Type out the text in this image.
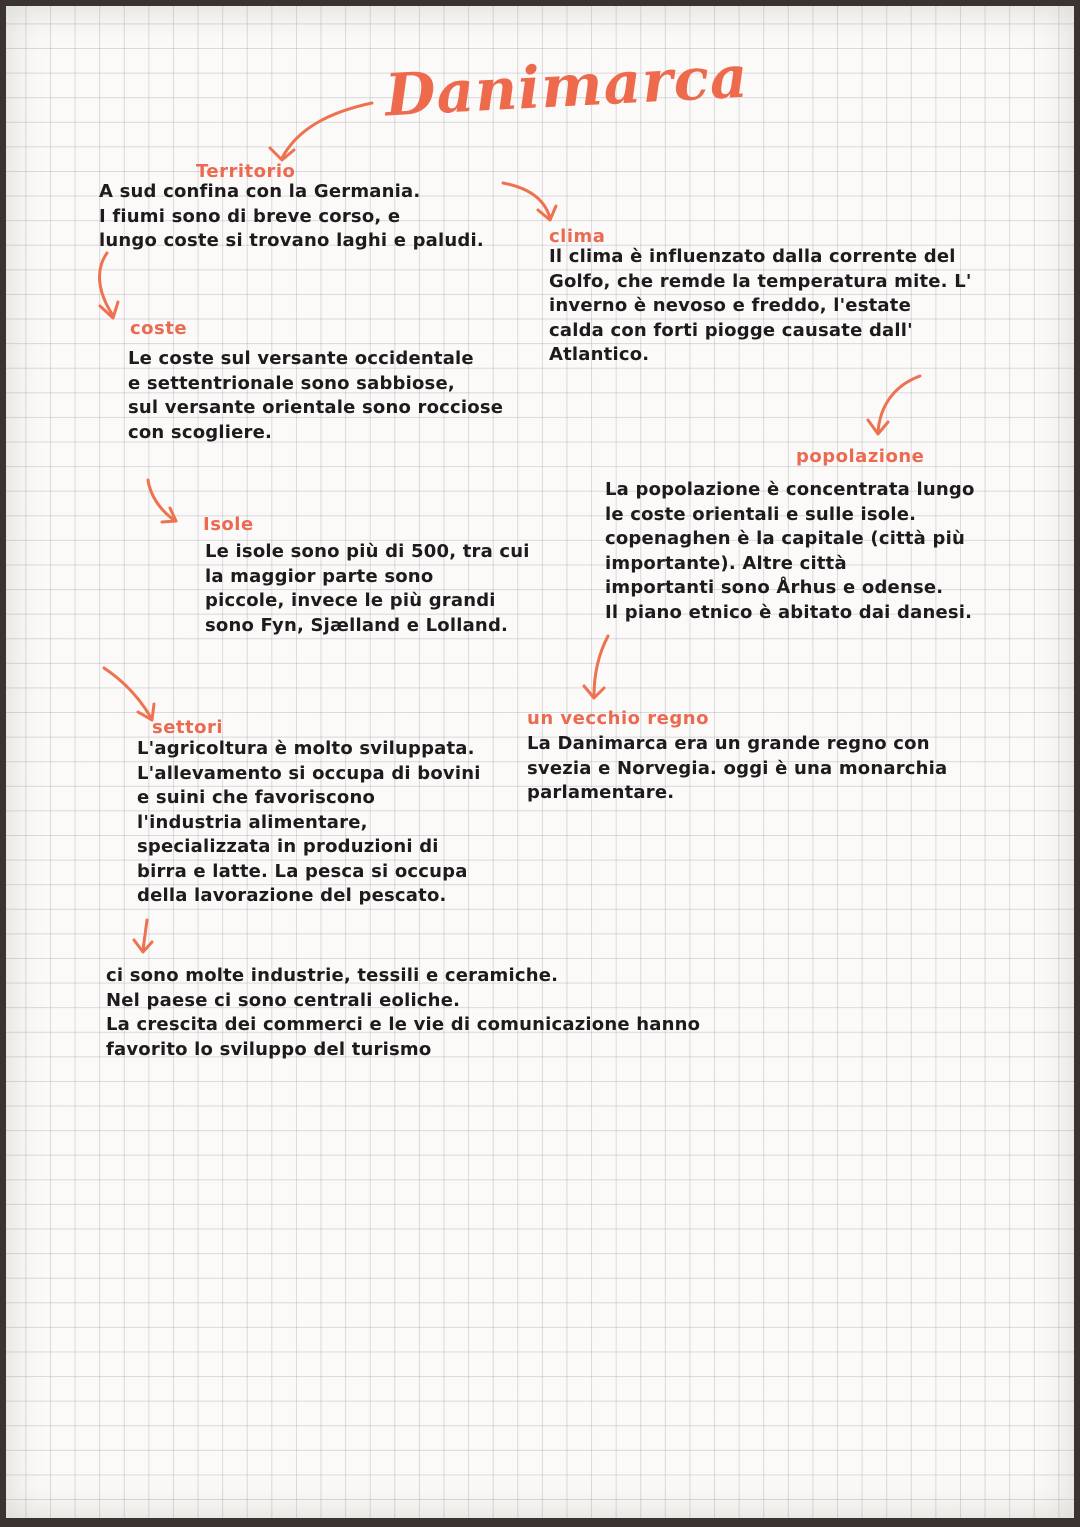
Danimarca
Territorio
A sud confina con la Germania.
I fiumi sono di breve corso, e
lungo coste si trovano laghi e paludi.	clima
Il clima è influenzato dalla corrente del
Golfo, che remde la temperatura mite. L'
inverno è nevoso e freddo, l'estate
calda con forti piogge causate dall'
Atlantico.
coste
Le coste sul versante occidentale
e settentrionale sono sabbiose,
sul versante orientale sono rocciose
con scogliere.
popolazione
La popolazione è concentrata lungo
le coste orientali e sulle isole.
copenaghen è la capitale (città più
importante). Altre città
importanti sono Århus e odense.
Il piano etnico è abitato dai danesi.
Isole
Le isole sono più di 500, tra cui
la maggior parte sono
piccole, invece le più grandi
sono Fyn, Sjælland e Lolland.
settori
L'agricoltura è molto sviluppata.
L'allevamento si occupa di bovini
e suini che favoriscono
l'industria alimentare,
specializzata in produzioni di
birra e latte. La pesca si occupa
della lavorazione del pescato.
un vecchio regno
La Danimarca era un grande regno con
svezia e Norvegia. oggi è una monarchia
parlamentare.
ci sono molte industrie, tessili e ceramiche.
Nel paese ci sono centrali eoliche.
La crescita dei commerci e le vie di comunicazione hanno
favorito lo sviluppo del turismo
